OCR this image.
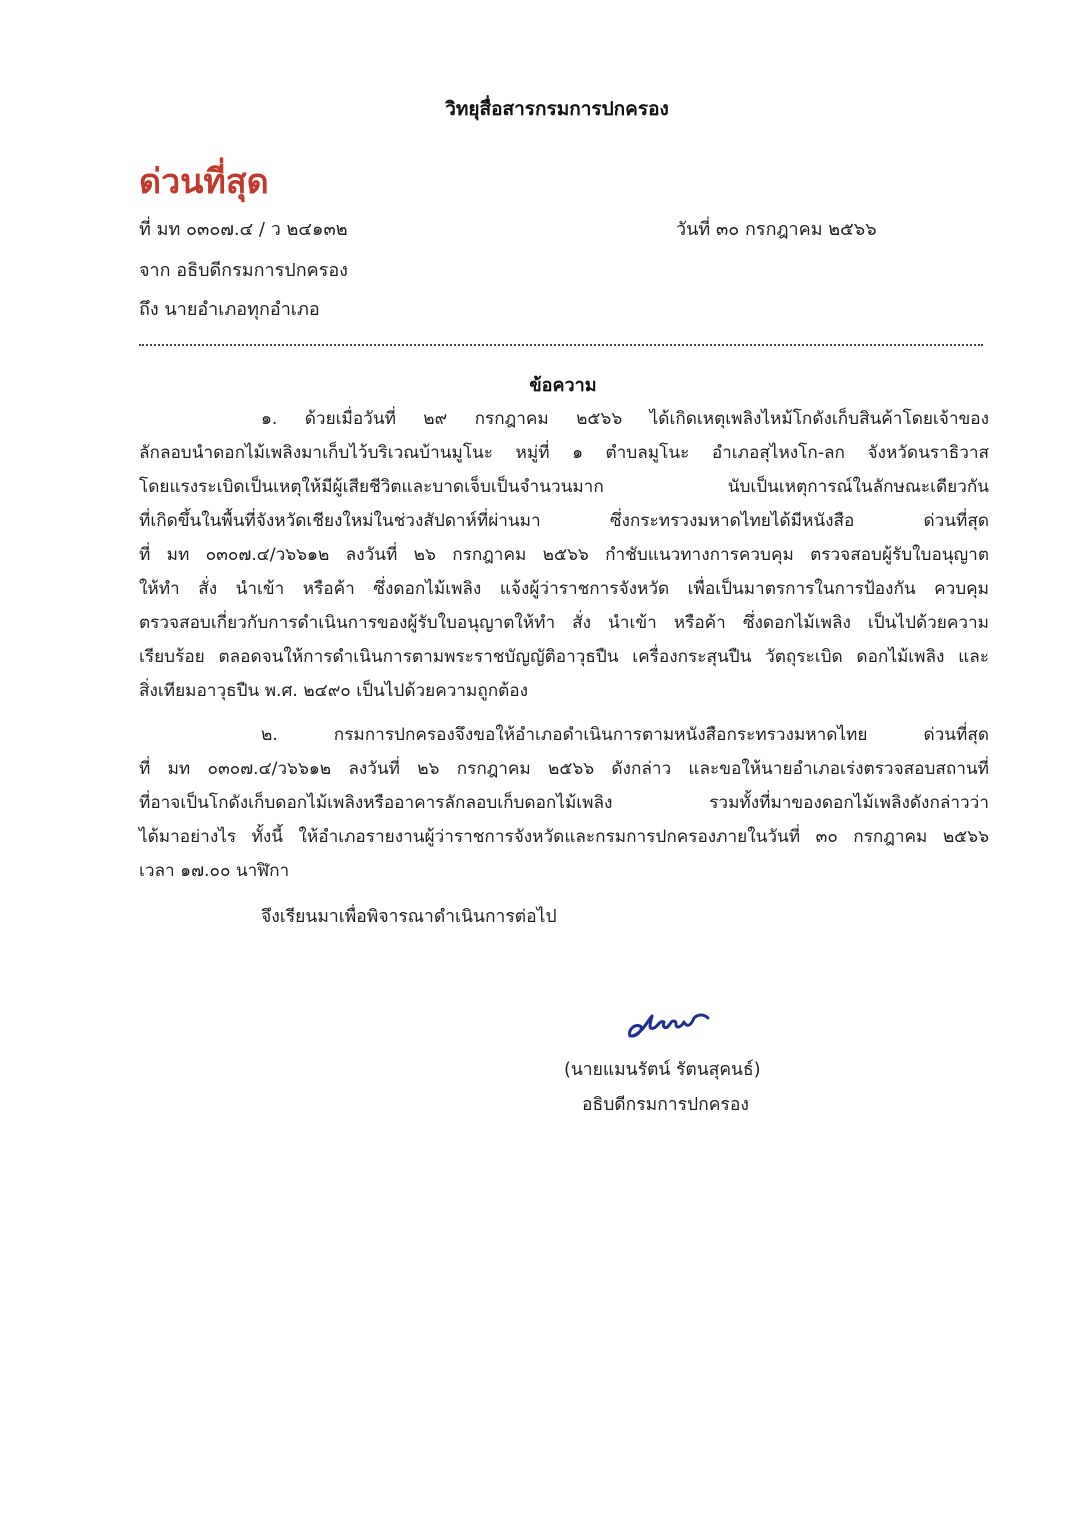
วิทยุสื่อสารกรมการปกครอง
ด่วนที่สุด
ที่ มท ๐๓๐๗.๔ / ว ๒๔๑๓๒	วันที่ ๓๐ กรกฎาคม ๒๕๖๖
จาก อธิบดีกรมการปกครอง
ถึง นายอำเภอทุกอำเภอ
ข้อความ
๑. ด้วยเมื่อวันที่ ๒๙ กรกฎาคม ๒๕๖๖ ได้เกิดเหตุเพลิงไหม้โกดังเก็บสินค้าโดยเจ้าของ
ลักลอบนำดอกไม้เพลิงมาเก็บไว้บริเวณบ้านมูโนะ หมู่ที่ ๑ ตำบลมูโนะ อำเภอสุไหงโก-ลก จังหวัดนราธิวาส
โดยแรงระเบิดเป็นเหตุให้มีผู้เสียชีวิตและบาดเจ็บเป็นจำนวนมาก นับเป็นเหตุการณ์ในลักษณะเดียวกัน
ที่เกิดขึ้นในพื้นที่จังหวัดเชียงใหม่ในช่วงสัปดาห์ที่ผ่านมา ซึ่งกระทรวงมหาดไทยได้มีหนังสือ ด่วนที่สุด
ที่ มท ๐๓๐๗.๔/ว๖๖๑๒ ลงวันที่ ๒๖ กรกฎาคม ๒๕๖๖ กำชับแนวทางการควบคุม ตรวจสอบผู้รับใบอนุญาต
ให้ทำ สั่ง นำเข้า หรือค้า ซึ่งดอกไม้เพลิง แจ้งผู้ว่าราชการจังหวัด เพื่อเป็นมาตรการในการป้องกัน ควบคุม
ตรวจสอบเกี่ยวกับการดำเนินการของผู้รับใบอนุญาตให้ทำ สั่ง นำเข้า หรือค้า ซึ่งดอกไม้เพลิง เป็นไปด้วยความ
เรียบร้อย ตลอดจนให้การดำเนินการตามพระราชบัญญัติอาวุธปืน เครื่องกระสุนปืน วัตถุระเบิด ดอกไม้เพลิง และ
สิ่งเทียมอาวุธปืน พ.ศ. ๒๔๙๐ เป็นไปด้วยความถูกต้อง
๒. กรมการปกครองจึงขอให้อำเภอดำเนินการตามหนังสือกระทรวงมหาดไทย ด่วนที่สุด
ที่ มท ๐๓๐๗.๔/ว๖๖๑๒ ลงวันที่ ๒๖ กรกฎาคม ๒๕๖๖ ดังกล่าว และขอให้นายอำเภอเร่งตรวจสอบสถานที่
ที่อาจเป็นโกดังเก็บดอกไม้เพลิงหรืออาคารลักลอบเก็บดอกไม้เพลิง รวมทั้งที่มาของดอกไม้เพลิงดังกล่าวว่า
ได้มาอย่างไร ทั้งนี้ ให้อำเภอรายงานผู้ว่าราชการจังหวัดและกรมการปกครองภายในวันที่ ๓๐ กรกฎาคม ๒๕๖๖
เวลา ๑๗.๐๐ นาฬิกา
จึงเรียนมาเพื่อพิจารณาดำเนินการต่อไป
(นายแมนรัตน์ รัตนสุคนธ์)
อธิบดีกรมการปกครอง
